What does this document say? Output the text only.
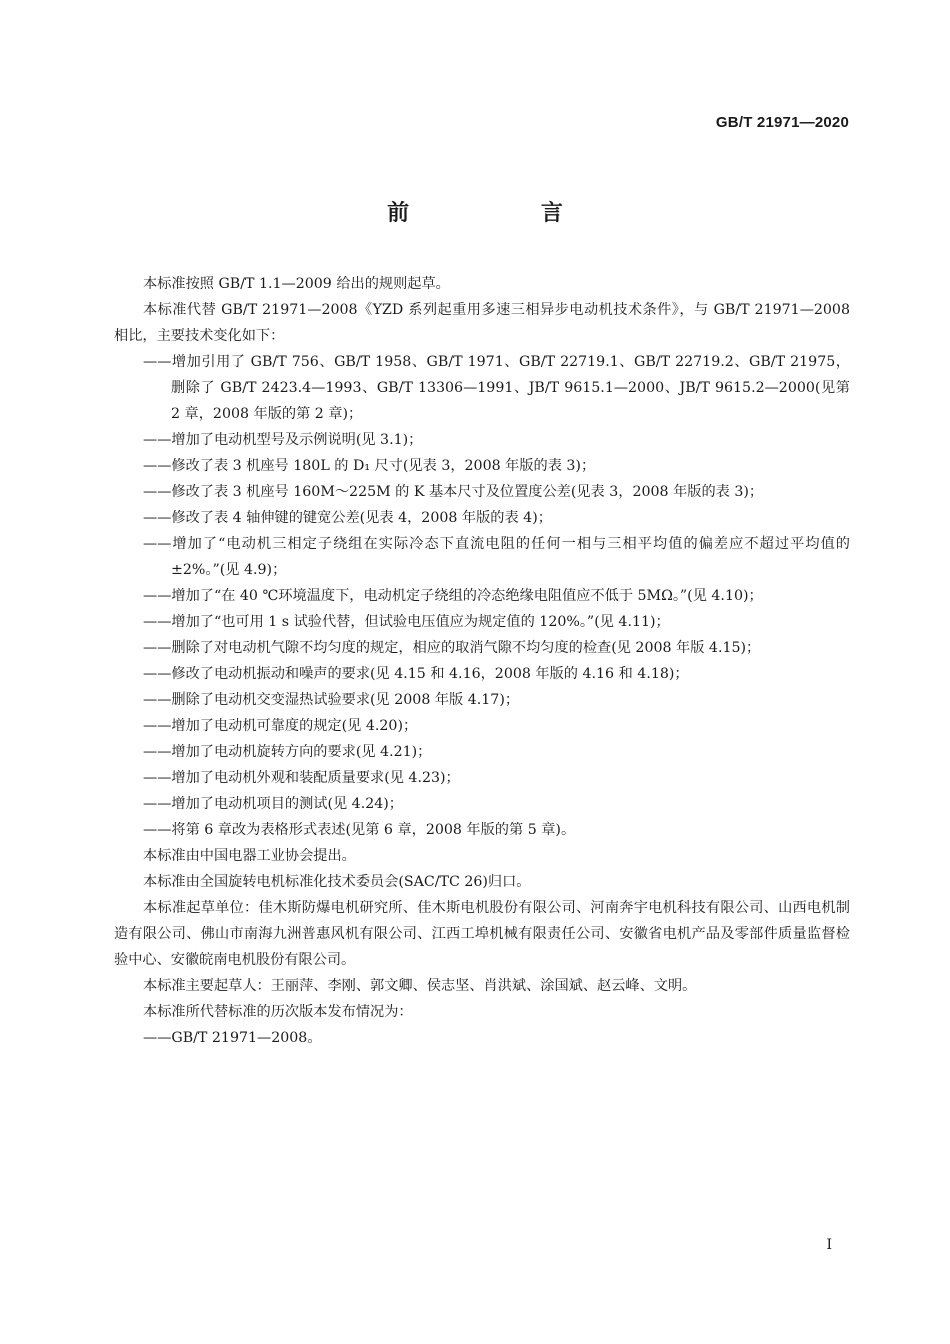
GB/T 21971—2020
前 言

本标准按照 GB/T 1.1—2009 给出的规则起草。

本标准代替 GB/T 21971—2008《YZD 系列起重用多速三相异步电动机技术条件》，与 GB/T 21971—2008 相比，主要技术变化如下：

——增加引用了 GB/T 756、GB/T 1958、GB/T 1971、GB/T 22719.1、GB/T 22719.2、GB/T 21975，删除了 GB/T 2423.4—1993、GB/T 13306—1991、JB/T 9615.1—2000、JB/T 9615.2—2000(见第 2 章，2008 年版的第 2 章)；

——增加了电动机型号及示例说明(见 3.1)；

——修改了表 3 机座号 180L 的 D₁ 尺寸(见表 3，2008 年版的表 3)；

——修改了表 3 机座号 160M～225M 的 K 基本尺寸及位置度公差(见表 3，2008 年版的表 3)；

——修改了表 4 轴伸键的键宽公差(见表 4，2008 年版的表 4)；

——增加了“电动机三相定子绕组在实际冷态下直流电阻的任何一相与三相平均值的偏差应不超过平均值的±2%。”(见 4.9)；

——增加了“在 40 ℃环境温度下，电动机定子绕组的冷态绝缘电阻值应不低于 5MΩ。”(见 4.10)；

——增加了“也可用 1 s 试验代替，但试验电压值应为规定值的 120%。”(见 4.11)；

——删除了对电动机气隙不均匀度的规定，相应的取消气隙不均匀度的检查(见 2008 年版 4.15)；

——修改了电动机振动和噪声的要求(见 4.15 和 4.16，2008 年版的 4.16 和 4.18)；

——删除了电动机交变湿热试验要求(见 2008 年版 4.17)；

——增加了电动机可靠度的规定(见 4.20)；

——增加了电动机旋转方向的要求(见 4.21)；

——增加了电动机外观和装配质量要求(见 4.23)；

——增加了电动机项目的测试(见 4.24)；

——将第 6 章改为表格形式表述(见第 6 章，2008 年版的第 5 章)。

本标准由中国电器工业协会提出。

本标准由全国旋转电机标准化技术委员会(SAC/TC 26)归口。

本标准起草单位：佳木斯防爆电机研究所、佳木斯电机股份有限公司、河南奔宇电机科技有限公司、山西电机制造有限公司、佛山市南海九洲普惠风机有限公司、江西工埠机械有限责任公司、安徽省电机产品及零部件质量监督检验中心、安徽皖南电机股份有限公司。

本标准主要起草人：王丽萍、李刚、郭文卿、侯志坚、肖洪斌、涂国斌、赵云峰、文明。

本标准所代替标准的历次版本发布情况为：

——GB/T 21971—2008。

I
